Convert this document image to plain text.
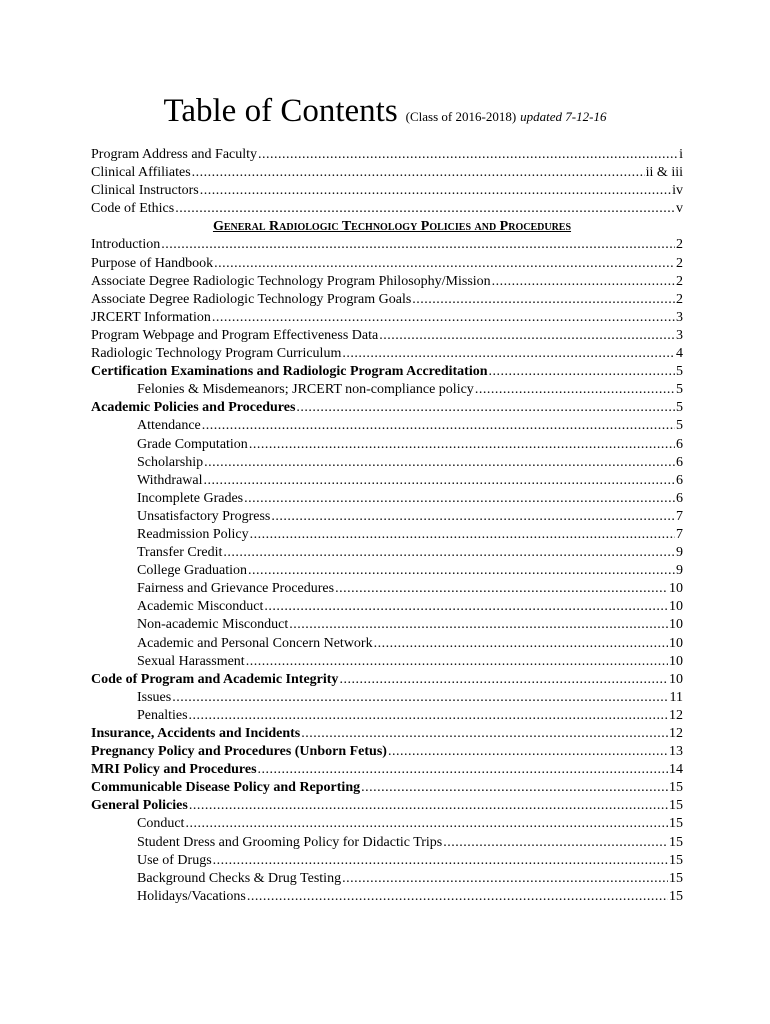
Table of Contents (Class of 2016-2018) updated 7-12-16
Program Address and Faculty .....	i
Clinical Affiliates .....	ii & iii
Clinical Instructors .....	iv
Code of Ethics .....	v
General Radiologic Technology Policies and Procedures
Introduction .....	2
Purpose of Handbook .....	2
Associate Degree Radiologic Technology Program Philosophy/Mission .....	2
Associate Degree Radiologic Technology Program Goals .....	2
JRCERT Information .....	3
Program Webpage and Program Effectiveness Data .....	3
Radiologic Technology Program Curriculum .....	4
Certification Examinations and Radiologic Program Accreditation .....	5
Felonies & Misdemeanors; JRCERT non-compliance policy .....	5
Academic Policies and Procedures .....	5
Attendance .....	5
Grade Computation .....	6
Scholarship .....	6
Withdrawal .....	6
Incomplete Grades .....	6
Unsatisfactory Progress .....	7
Readmission Policy .....	7
Transfer Credit .....	9
College Graduation .....	9
Fairness and Grievance Procedures .....	10
Academic Misconduct .....	10
Non-academic Misconduct .....	10
Academic and Personal Concern Network .....	10
Sexual Harassment .....	10
Code of Program and Academic Integrity .....	10
Issues .....	11
Penalties .....	12
Insurance, Accidents and Incidents .....	12
Pregnancy Policy and Procedures (Unborn Fetus) .....	13
MRI Policy and Procedures .....	14
Communicable Disease Policy and Reporting .....	15
General Policies .....	15
Conduct .....	15
Student Dress and Grooming Policy for Didactic Trips .....	15
Use of Drugs .....	15
Background Checks & Drug Testing .....	15
Holidays/Vacations .....	15
